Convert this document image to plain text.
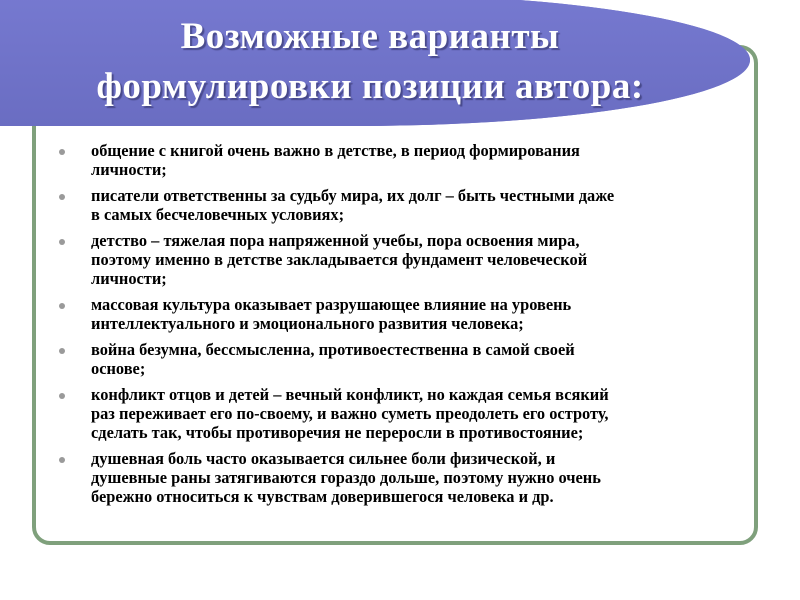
Возможные варианты
формулировки позиции автора:
общение с книгой очень важно в детстве, в период формирования
личности;
писатели ответственны за судьбу мира, их долг – быть честными даже
в самых бесчеловечных условиях;
детство – тяжелая пора напряженной учебы, пора освоения мира,
поэтому именно в детстве закладывается фундамент человеческой
личности;
массовая культура оказывает разрушающее влияние на уровень
интеллектуального и эмоционального развития человека;
война безумна, бессмысленна, противоестественна в самой своей
основе;
конфликт отцов и детей – вечный конфликт, но каждая семья всякий
раз переживает его по-своему, и важно суметь преодолеть его остроту,
сделать так, чтобы противоречия не переросли в противостояние;
душевная боль часто оказывается сильнее боли физической, и
душевные раны затягиваются гораздо дольше, поэтому нужно очень
бережно относиться к чувствам доверившегося человека и др.
